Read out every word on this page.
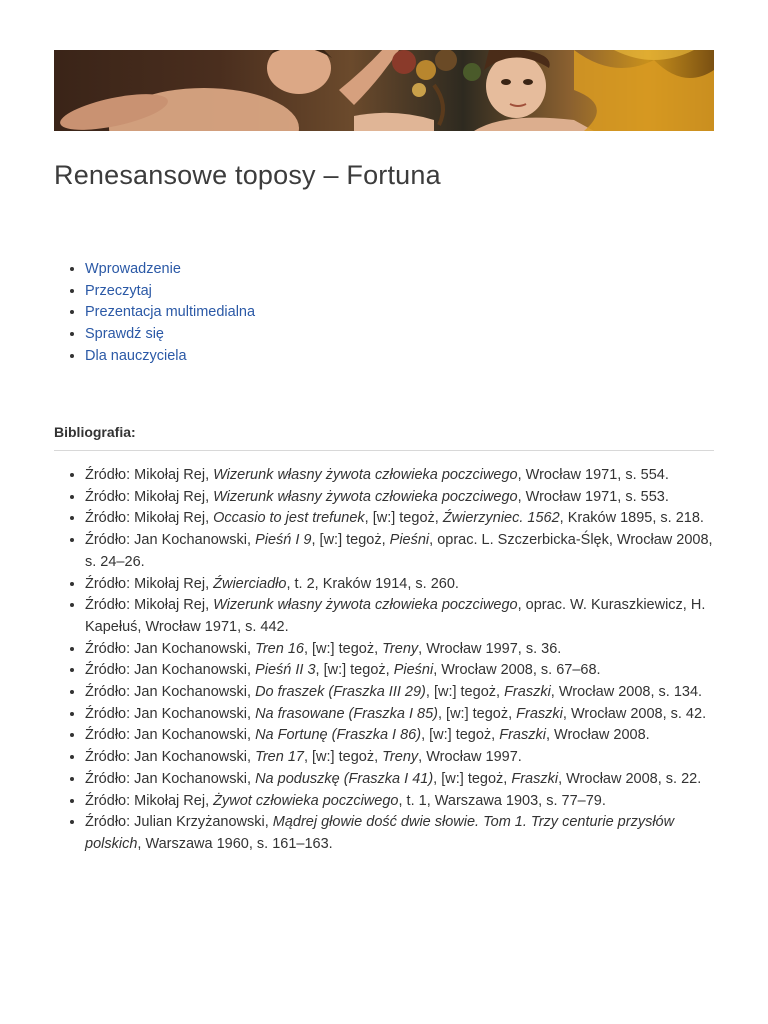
Renesansowe toposy – Fortuna
• Wprowadzenie
• Przeczytaj
• Prezentacja multimedialna
• Sprawdź się
• Dla nauczyciela
Bibliografia:
• Źródło: Mikołaj Rej, Wizerunk własny żywota człowieka poczciwego, Wrocław 1971, s. 554.
• Źródło: Mikołaj Rej, Wizerunk własny żywota człowieka poczciwego, Wrocław 1971, s. 553.
• Źródło: Mikołaj Rej, Occasio to jest trefunek, [w:] tegoż, Źwierzyniec. 1562, Kraków 1895, s. 218.
• Źródło: Jan Kochanowski, Pieśń I 9, [w:] tegoż, Pieśni, oprac. L. Szczerbicka-Ślęk, Wrocław 2008, s. 24–26.
• Źródło: Mikołaj Rej, Źwierciadło, t. 2, Kraków 1914, s. 260.
• Źródło: Mikołaj Rej, Wizerunk własny żywota człowieka poczciwego, oprac. W. Kuraszkiewicz, H. Kapełuś, Wrocław 1971, s. 442.
• Źródło: Jan Kochanowski, Tren 16, [w:] tegoż, Treny, Wrocław 1997, s. 36.
• Źródło: Jan Kochanowski, Pieśń II 3, [w:] tegoż, Pieśni, Wrocław 2008, s. 67–68.
• Źródło: Jan Kochanowski, Do fraszek (Fraszka III 29), [w:] tegoż, Fraszki, Wrocław 2008, s. 134.
• Źródło: Jan Kochanowski, Na frasowane (Fraszka I 85), [w:] tegoż, Fraszki, Wrocław 2008, s. 42.
• Źródło: Jan Kochanowski, Na Fortunę (Fraszka I 86), [w:] tegoż, Fraszki, Wrocław 2008.
• Źródło: Jan Kochanowski, Tren 17, [w:] tegoż, Treny, Wrocław 1997.
• Źródło: Jan Kochanowski, Na poduszkę (Fraszka I 41), [w:] tegoż, Fraszki, Wrocław 2008, s. 22.
• Źródło: Mikołaj Rej, Żywot człowieka poczciwego, t. 1, Warszawa 1903, s. 77–79.
• Źródło: Julian Krzyżanowski, Mądrej głowie dość dwie słowie. Tom 1. Trzy centurie przysłów polskich, Warszawa 1960, s. 161–163.
